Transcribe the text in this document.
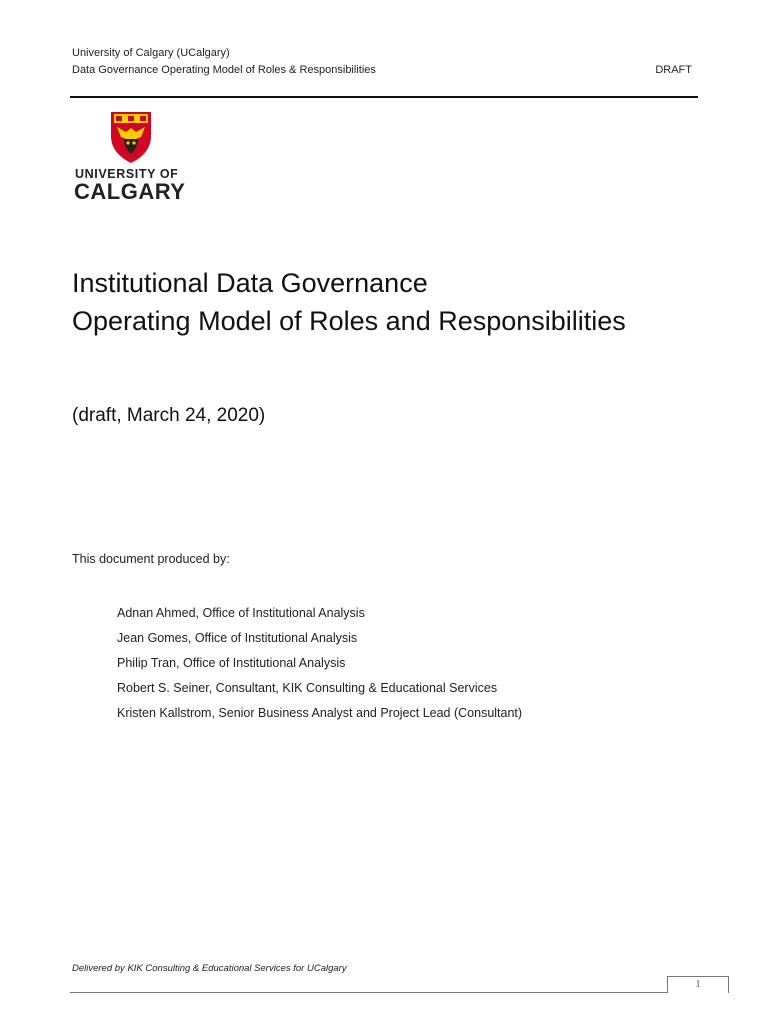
University of Calgary (UCalgary)
Data Governance Operating Model of Roles & Responsibilities	DRAFT
UNIVERSITY OF
CALGARY
Institutional Data Governance
Operating Model of Roles and Responsibilities
(draft, March 24, 2020)
This document produced by:
Adnan Ahmed, Office of Institutional Analysis
Jean Gomes, Office of Institutional Analysis
Philip Tran, Office of Institutional Analysis
Robert S. Seiner, Consultant, KIK Consulting & Educational Services
Kristen Kallstrom, Senior Business Analyst and Project Lead (Consultant)
Delivered by KIK Consulting & Educational Services for UCalgary
1
